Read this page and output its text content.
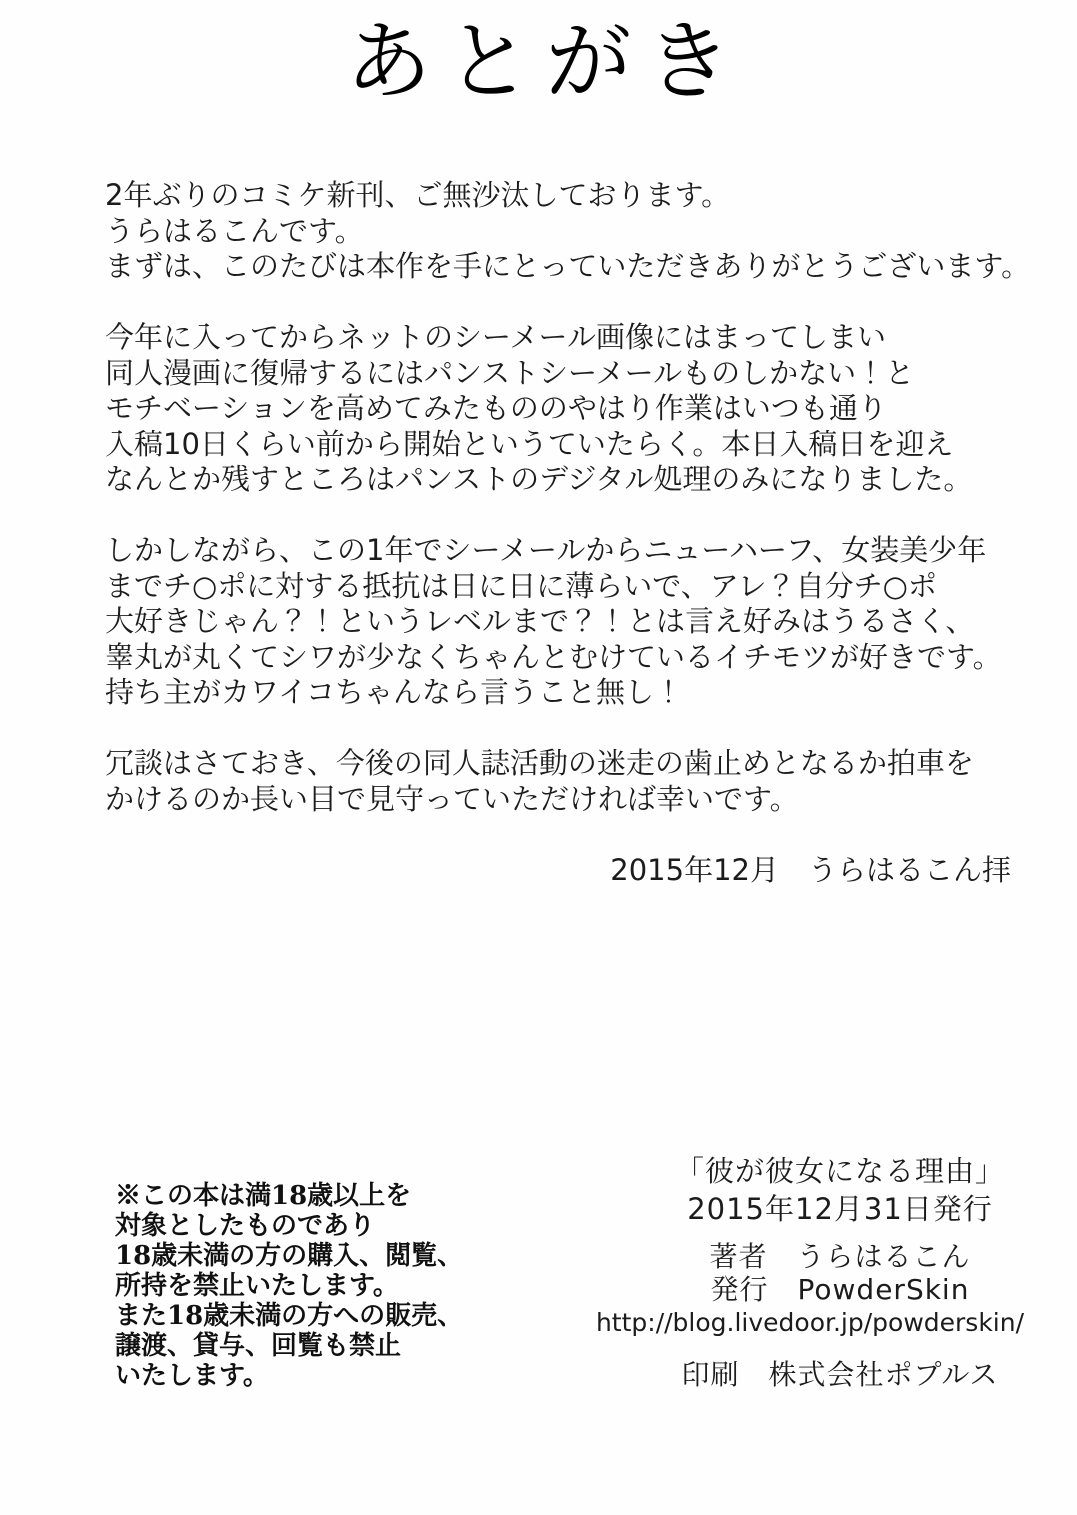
あとがき
2年ぶりのコミケ新刊、ご無沙汰しております。
うらはるこんです。
まずは、このたびは本作を手にとっていただきありがとうございます。
今年に入ってからネットのシーメール画像にはまってしまい
同人漫画に復帰するにはパンストシーメールものしかない！と
モチベーションを高めてみたもののやはり作業はいつも通り
入稿10日くらい前から開始というていたらく。本日入稿日を迎え
なんとか残すところはパンストのデジタル処理のみになりました。
しかしながら、この1年でシーメールからニューハーフ、女装美少年
までチ○ポに対する抵抗は日に日に薄らいで、アレ？自分チ○ポ
大好きじゃん？！というレベルまで？！とは言え好みはうるさく、
睾丸が丸くてシワが少なくちゃんとむけているイチモツが好きです。
持ち主がカワイコちゃんなら言うこと無し！
冗談はさておき、今後の同人誌活動の迷走の歯止めとなるか拍車を
かけるのか長い目で見守っていただければ幸いです。
2015年12月　うらはるこん拝
※この本は満18歳以上を
対象としたものであり
18歳未満の方の購入、閲覧、
所持を禁止いたします。
また18歳未満の方への販売、
譲渡、貸与、回覧も禁止
いたします。
「彼が彼女になる理由」
2015年12月31日発行
著者　うらはるこん
発行　PowderSkin
http://blog.livedoor.jp/powderskin/
印刷　株式会社ポプルス
